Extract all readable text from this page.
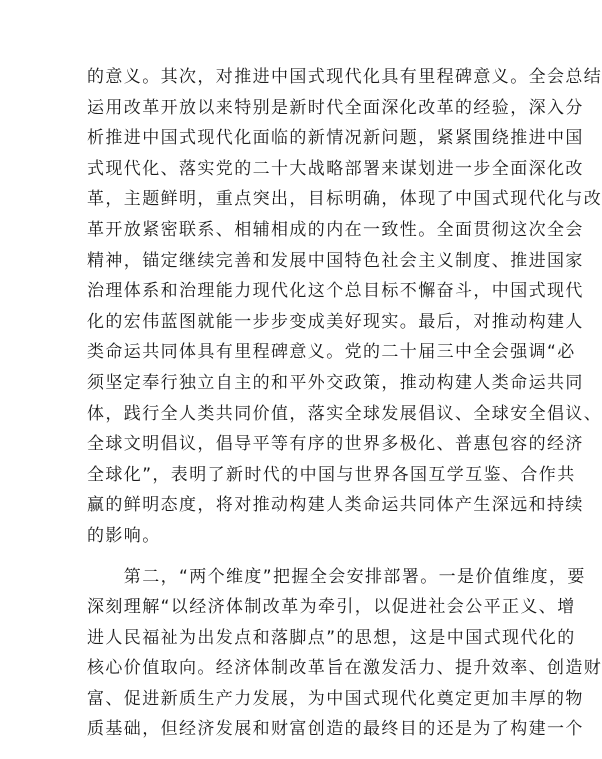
的意义。其次，对推进中国式现代化具有里程碑意义。全会总结
运用改革开放以来特别是新时代全面深化改革的经验，深入分
析推进中国式现代化面临的新情况新问题，紧紧围绕推进中国
式现代化、落实党的二十大战略部署来谋划进一步全面深化改
革，主题鲜明，重点突出，目标明确，体现了中国式现代化与改
革开放紧密联系、相辅相成的内在一致性。全面贯彻这次全会
精神，锚定继续完善和发展中国特色社会主义制度、推进国家
治理体系和治理能力现代化这个总目标不懈奋斗，中国式现代
化的宏伟蓝图就能一步步变成美好现实。最后，对推动构建人
类命运共同体具有里程碑意义。党的二十届三中全会强调“必
须坚定奉行独立自主的和平外交政策，推动构建人类命运共同
体，践行全人类共同价值，落实全球发展倡议、全球安全倡议、
全球文明倡议，倡导平等有序的世界多极化、普惠包容的经济
全球化”，表明了新时代的中国与世界各国互学互鉴、合作共
赢的鲜明态度，将对推动构建人类命运共同体产生深远和持续
的影响。
　　第二，“两个维度”把握全会安排部署。一是价值维度，要
深刻理解“以经济体制改革为牵引，以促进社会公平正义、增
进人民福祉为出发点和落脚点”的思想，这是中国式现代化的
核心价值取向。经济体制改革旨在激发活力、提升效率、创造财
富、促进新质生产力发展，为中国式现代化奠定更加丰厚的物
质基础，但经济发展和财富创造的最终目的还是为了构建一个
